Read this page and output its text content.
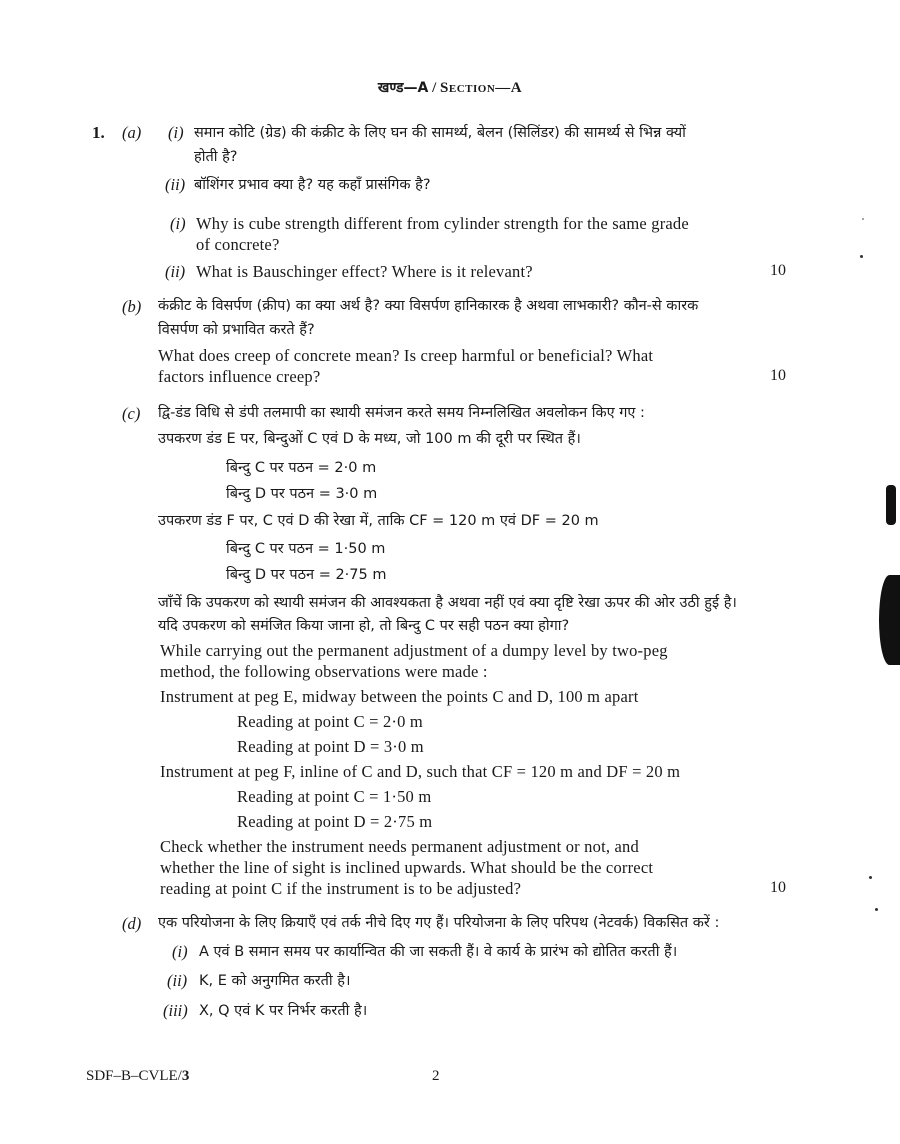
खण्ड—A / Section—A
1. (a) (i) समान कोटि (ग्रेड) की कंक्रीट के लिए घन की सामर्थ्य, बेलन (सिलिंडर) की सामर्थ्य से भिन्न क्यों
होती है?
(ii) बॉशिंगर प्रभाव क्या है? यह कहाँ प्रासंगिक है?
(i) Why is cube strength different from cylinder strength for the same grade
of concrete?
(ii) What is Bauschinger effect? Where is it relevant?	10
(b) कंक्रीट के विसर्पण (क्रीप) का क्या अर्थ है? क्या विसर्पण हानिकारक है अथवा लाभकारी? कौन-से कारक
विसर्पण को प्रभावित करते हैं?
What does creep of concrete mean? Is creep harmful or beneficial? What
factors influence creep?	10
(c) द्वि-डंड विधि से डंपी तलमापी का स्थायी समंजन करते समय निम्नलिखित अवलोकन किए गए :
उपकरण डंड E पर, बिन्दुओं C एवं D के मध्य, जो 100 m की दूरी पर स्थित हैं।
बिन्दु C पर पठन = 2·0 m
बिन्दु D पर पठन = 3·0 m
उपकरण डंड F पर, C एवं D की रेखा में, ताकि CF = 120 m एवं DF = 20 m
बिन्दु C पर पठन = 1·50 m
बिन्दु D पर पठन = 2·75 m
जाँचें कि उपकरण को स्थायी समंजन की आवश्यकता है अथवा नहीं एवं क्या दृष्टि रेखा ऊपर की ओर उठी हुई है।
यदि उपकरण को समंजित किया जाना हो, तो बिन्दु C पर सही पठन क्या होगा?
While carrying out the permanent adjustment of a dumpy level by two-peg
method, the following observations were made :
Instrument at peg E, midway between the points C and D, 100 m apart
Reading at point C = 2·0 m
Reading at point D = 3·0 m
Instrument at peg F, inline of C and D, such that CF = 120 m and DF = 20 m
Reading at point C = 1·50 m
Reading at point D = 2·75 m
Check whether the instrument needs permanent adjustment or not, and
whether the line of sight is inclined upwards. What should be the correct
reading at point C if the instrument is to be adjusted?	10
(d) एक परियोजना के लिए क्रियाएँ एवं तर्क नीचे दिए गए हैं। परियोजना के लिए परिपथ (नेटवर्क) विकसित करें :
(i) A एवं B समान समय पर कार्यान्वित की जा सकती हैं। वे कार्य के प्रारंभ को द्योतित करती हैं।
(ii) K, E को अनुगमित करती है।
(iii) X, Q एवं K पर निर्भर करती है।
SDF–B–CVLE/3	2
